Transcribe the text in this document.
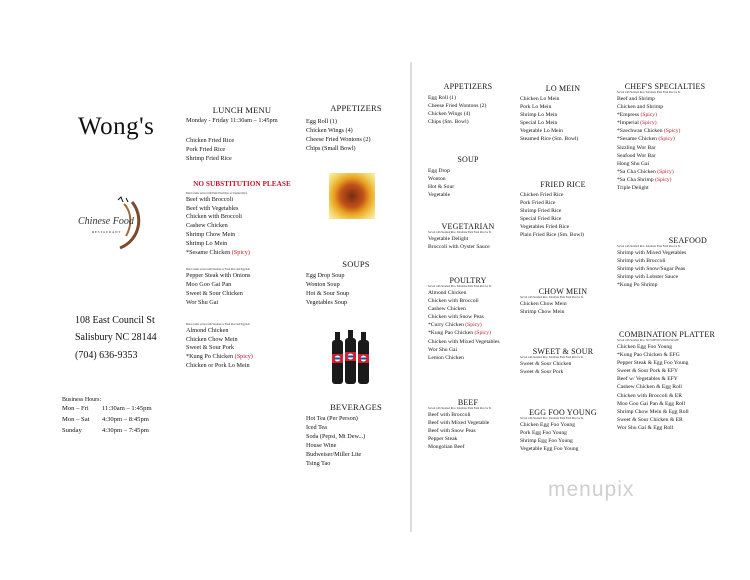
Wong's
Chinese Food
RESTAURANT
108 East Council St
Salisbury NC 28144
(704) 636-9353
Business Hours:
Mon – Fri	11:30am – 1:45pm
Mon – Sat	4:30pm – 8:45pm
Sunday	4:30pm – 7:45pm
LUNCH MENU
Monday - Friday 11:30am – 1:45pm
Chicken Fried Rice
Pork Fried Rice
Shrimp Fried Rice
NO SUBSTITUTION PLEASE
Below items served with Plain Fried Rice or Steamed Rice
Beef with Broccoli
Beef with Vegetables
Chicken with Broccoli
Cashew Chicken
Shrimp Chow Mein
Shrimp Lo Mein
*Sesame Chicken (Spicy)
Below items served with Steamed or Fried Rice and Egg Roll
Pepper Steak with Onions
Moo Goo Gai Pan
Sweet & Sour Chicken
Wor Shu Gai
Below items served with Steamed or Fried Rice and Egg Roll
Almond Chicken
Chicken Chow Mein
Sweet & Sour Pork
*Kung Po Chicken (Spicy)
Chicken or Pork Lo Mein
APPETIZERS
Egg Roll (1)
Chicken Wings (4)
Cheese Fried Wontons (2)
Chips (Small Bowl)
SOUPS
Egg Drop Soup
Wonton Soup
Hot & Sour Soup
Vegetables Soup
BEVERAGES
Hot Tea (Per Person)
Iced Tea
Soda (Pepsi, Mt Dew...)
House Wine
Budweiser/Miller Lite
Tsing Tao
APPETIZERS
Egg Roll (1)
Cheese Fried Wontons (2)
Chicken Wings (4)
Chips (Sm. Bowl)
SOUP
Egg Drop
Wonton
Hot & Sour
Vegetable
VEGETARIAN
Served with Steamed Rice. Substitute Plain Fried Rice for $1
Vegetable Delight
Broccoli with Oyster Sauce
POULTRY
Served with Steamed Rice. Substitute Plain Fried Rice for $1
Almond Chicken
Chicken with Broccoli
Cashew Chicken
Chicken with Snow Peas
*Curry Chicken (Spicy)
*Kung Pao Chicken (Spicy)
Chicken with Mixed Vegetables
Wor Shu Gai
Lemon Chicken
BEEF
Served with Steamed Rice. Substitute Plain Fried Rice for $1
Beef with Broccoli
Beef with Mixed Vegetable
Beef with Snow Peas
Pepper Steak
Mongolian Beef
LO MEIN
Chicken Lo Mein
Pork Lo Mein
Shrimp Lo Mein
Special Lo Mein
Vegetable Lo Mein
Steamed Rice (Sm. Bowl)
FRIED RICE
Chicken Fried Rice
Pork Fried Rice
Shrimp Fried Rice
Special Fried Rice
Vegetables Fried Rice
Plain Fried Rice (Sm. Bowl)
CHOW MEIN
Served with Steamed Rice. Substitute Plain Fried Rice for $1
Chicken Chow Mein
Shrimp Chow Mein
SWEET & SOUR
Served with Steamed Rice. Substitute Plain Fried Rice for $1
Sweet & Sour Chicken
Sweet & Sour Pork
EGG FOO YOUNG
Served with Steamed Rice. Substitute Plain Fried Rice for $1
Chicken Egg Foo Young
Pork Egg Foo Young
Shrimp Egg Foo Young
Vegetable Egg Foo Young
CHEF'S SPECIALTIES
Served with Steamed Rice. Substitute Plain Fried Rice for $1
Beef and Shrimp
Chicken and Shrimp
*Empress (Spicy)
*Imperial (Spicy)
*Szechwan Chicken (Spicy)
*Sesame Chicken (Spicy)
Sizzling Wor Bar
Seafood Wor Bar
Hong Shu Gai
*Sa Cha Chicken (Spicy)
*Sa Cha Shrimp (Spicy)
Triple Delight
SEAFOOD
Served with Steamed Rice. Substitute Plain Fried Rice for $1
Shrimp with Mixed Vegetables
Shrimp with Broccoli
Shrimp with Snow/Sugar Peas
Shrimp with Lobster Sauce
*Kung Po Shrimp
COMBINATION PLATTER
Served with Steamed Rice. NO SUBSTITUTION PLEASE
Chicken Egg Foo Young
*Kung Pao Chicken & EFG
Pepper Steak & Egg Foo Young
Sweet & Sour Pork & EFY
Beef w/ Vegetables & EFY
Cashew Chicken & Egg Roll
Chicken with Broccoli & ER
Moo Goo Gai Pan & Egg Roll
Shrimp Chow Mein & Egg Roll
Sweet & Sour Chicken & ER
Wor Shu Gai & Egg Roll
menupix
